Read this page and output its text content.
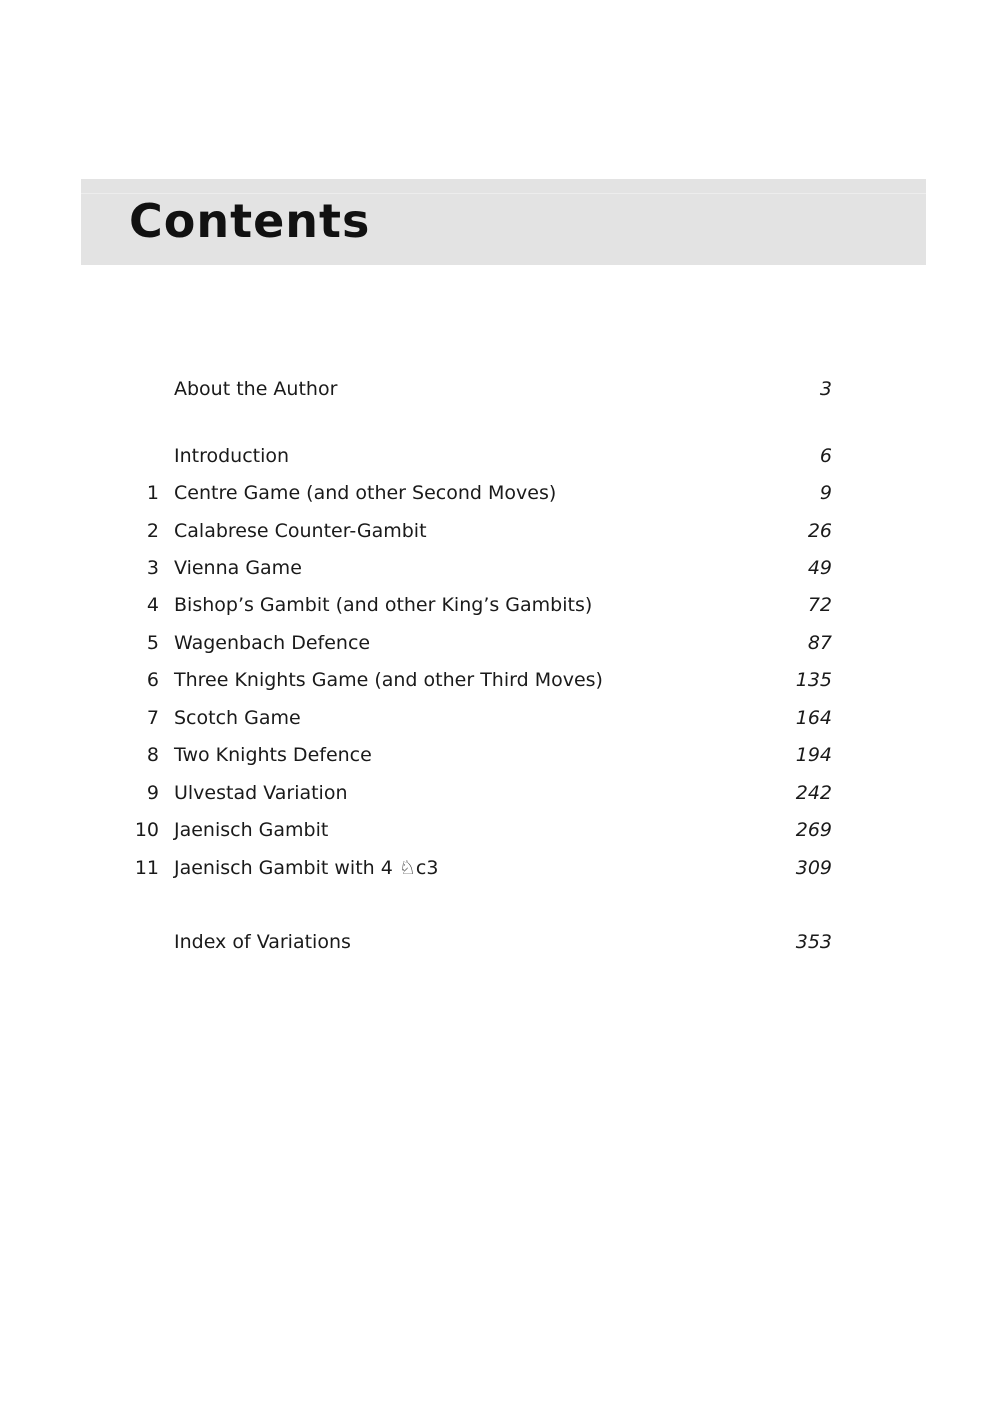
Contents
About the Author	3
Introduction	6
1 Centre Game (and other Second Moves)	9
2 Calabrese Counter-Gambit	26
3 Vienna Game	49
4 Bishop’s Gambit (and other King’s Gambits)	72
5 Wagenbach Defence	87
6 Three Knights Game (and other Third Moves)	135
7 Scotch Game	164
8 Two Knights Defence	194
9 Ulvestad Variation	242
10 Jaenisch Gambit	269
11 Jaenisch Gambit with 4 ♘c3	309
Index of Variations	353
